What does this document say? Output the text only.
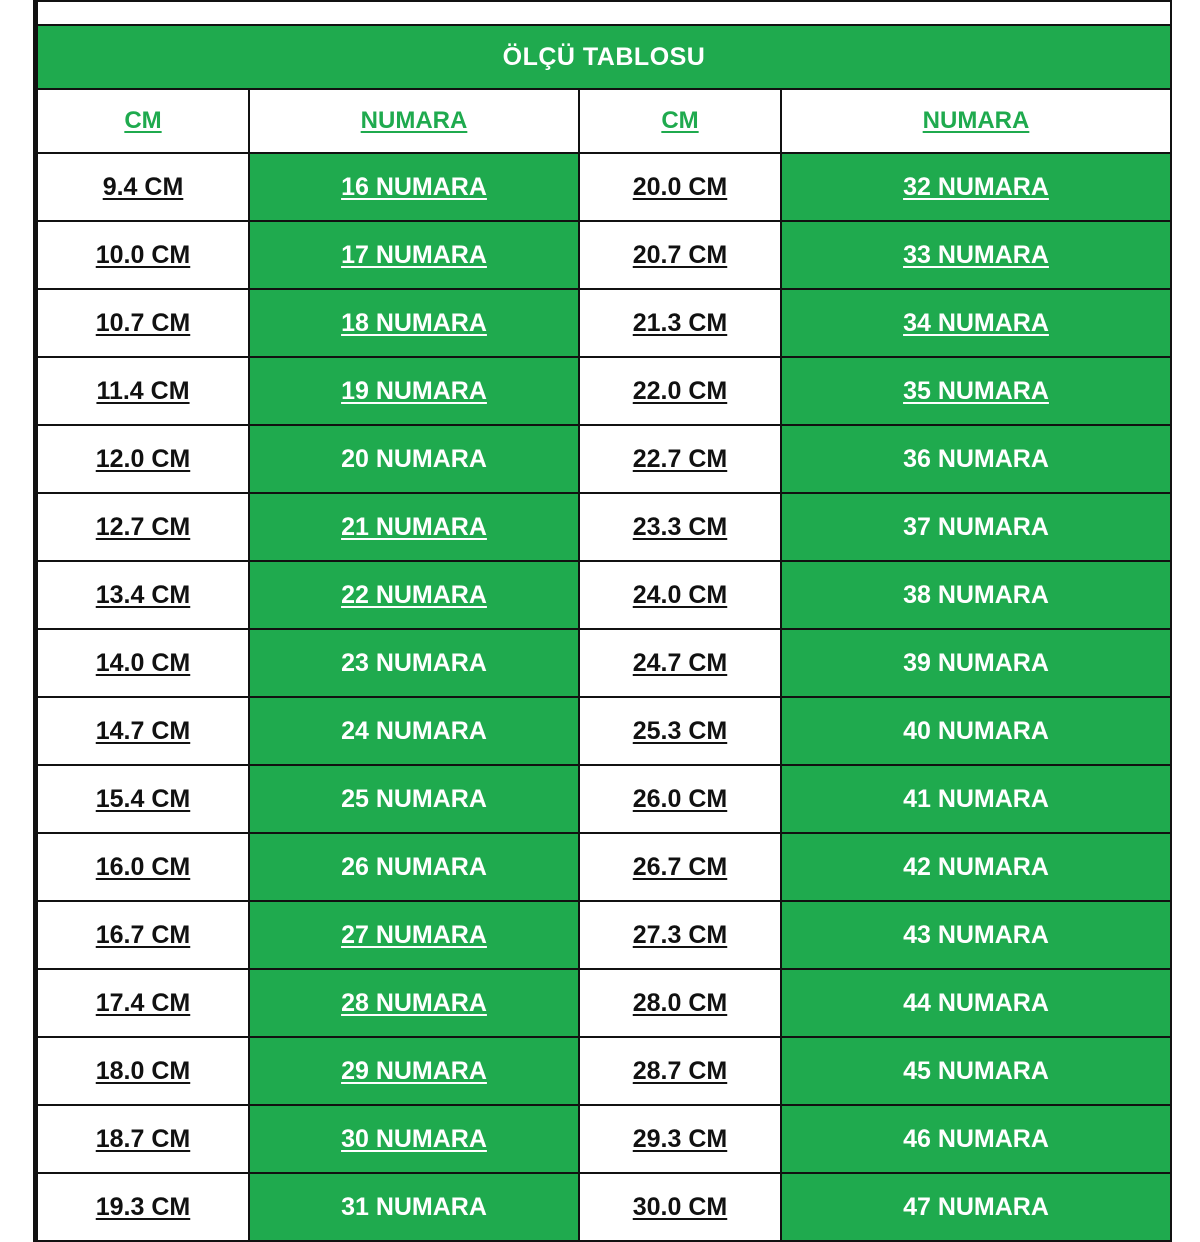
ÖLÇÜ TABLOSU			
CM	NUMARA	CM	NUMARA
9.4 CM	16 NUMARA	20.0 CM	32 NUMARA
10.0 CM	17 NUMARA	20.7 CM	33 NUMARA
10.7 CM	18 NUMARA	21.3 CM	34 NUMARA
11.4 CM	19 NUMARA	22.0 CM	35 NUMARA
12.0 CM	20 NUMARA	22.7 CM	36 NUMARA
12.7 CM	21 NUMARA	23.3 CM	37 NUMARA
13.4 CM	22 NUMARA	24.0 CM	38 NUMARA
14.0 CM	23 NUMARA	24.7 CM	39 NUMARA
14.7 CM	24 NUMARA	25.3 CM	40 NUMARA
15.4 CM	25 NUMARA	26.0 CM	41 NUMARA
16.0 CM	26 NUMARA	26.7 CM	42 NUMARA
16.7 CM	27 NUMARA	27.3 CM	43 NUMARA
17.4 CM	28 NUMARA	28.0 CM	44 NUMARA
18.0 CM	29 NUMARA	28.7 CM	45 NUMARA
18.7 CM	30 NUMARA	29.3 CM	46 NUMARA
19.3 CM	31 NUMARA	30.0 CM	47 NUMARA
